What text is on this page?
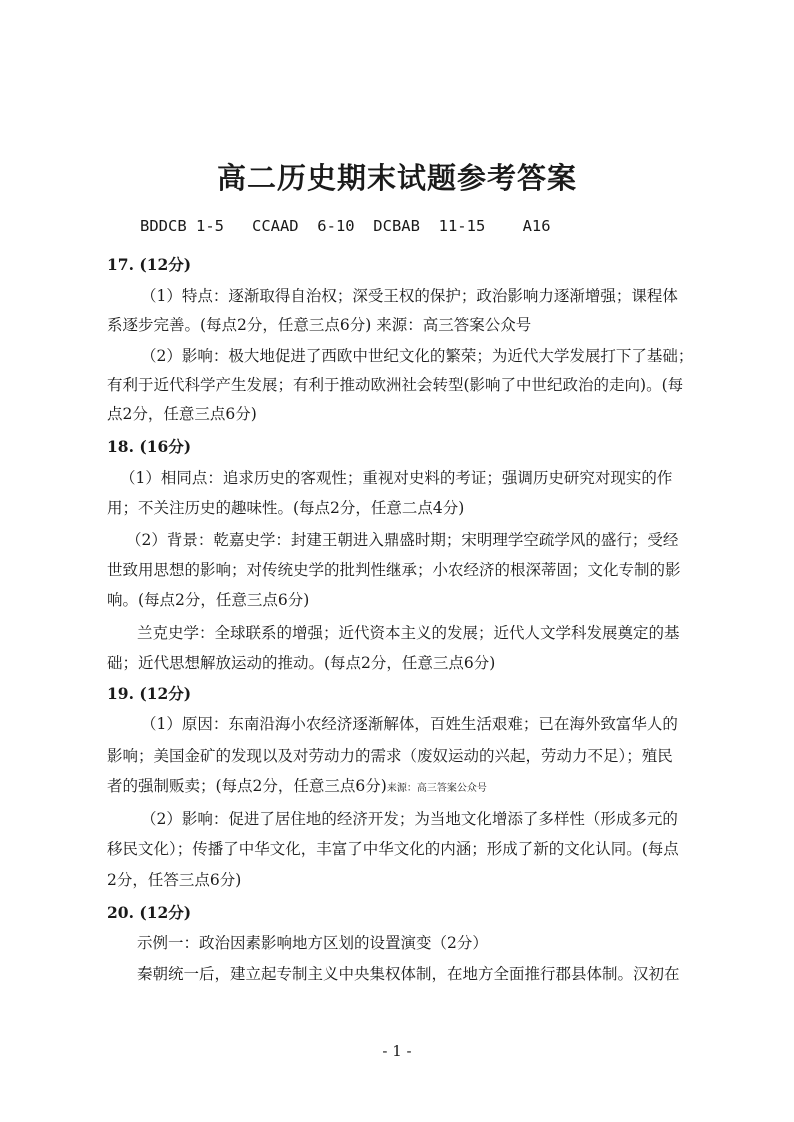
高二历史期末试题参考答案
BDDCB 1-5   CCAAD  6-10  DCBAB  11-15    A16
17. (12分)
（1）特点：逐渐取得自治权；深受王权的保护；政治影响力逐渐增强；课程体
系逐步完善。(每点2分，任意三点6分) 来源：高三答案公众号
（2）影响：极大地促进了西欧中世纪文化的繁荣；为近代大学发展打下了基础；
有利于近代科学产生发展；有利于推动欧洲社会转型(影响了中世纪政治的走向)。(每
点2分，任意三点6分)
18. (16分)
（1）相同点：追求历史的客观性；重视对史料的考证；强调历史研究对现实的作
用；不关注历史的趣味性。(每点2分，任意二点4分)
（2）背景：乾嘉史学：封建王朝进入鼎盛时期；宋明理学空疏学风的盛行；受经
世致用思想的影响；对传统史学的批判性继承；小农经济的根深蒂固；文化专制的影
响。(每点2分，任意三点6分)
兰克史学：全球联系的增强；近代资本主义的发展；近代人文学科发展奠定的基
础；近代思想解放运动的推动。(每点2分，任意三点6分)
19. (12分)
（1）原因：东南沿海小农经济逐渐解体，百姓生活艰难；已在海外致富华人的
影响；美国金矿的发现以及对劳动力的需求（废奴运动的兴起，劳动力不足）；殖民
者的强制贩卖；(每点2分，任意三点6分)来源：高三答案公众号
（2）影响：促进了居住地的经济开发；为当地文化增添了多样性（形成多元的
移民文化）；传播了中华文化，丰富了中华文化的内涵；形成了新的文化认同。(每点
2分，任答三点6分)
20. (12分)
示例一：政治因素影响地方区划的设置演变（2分）
秦朝统一后，建立起专制主义中央集权体制，在地方全面推行郡县体制。汉初在
- 1 -
